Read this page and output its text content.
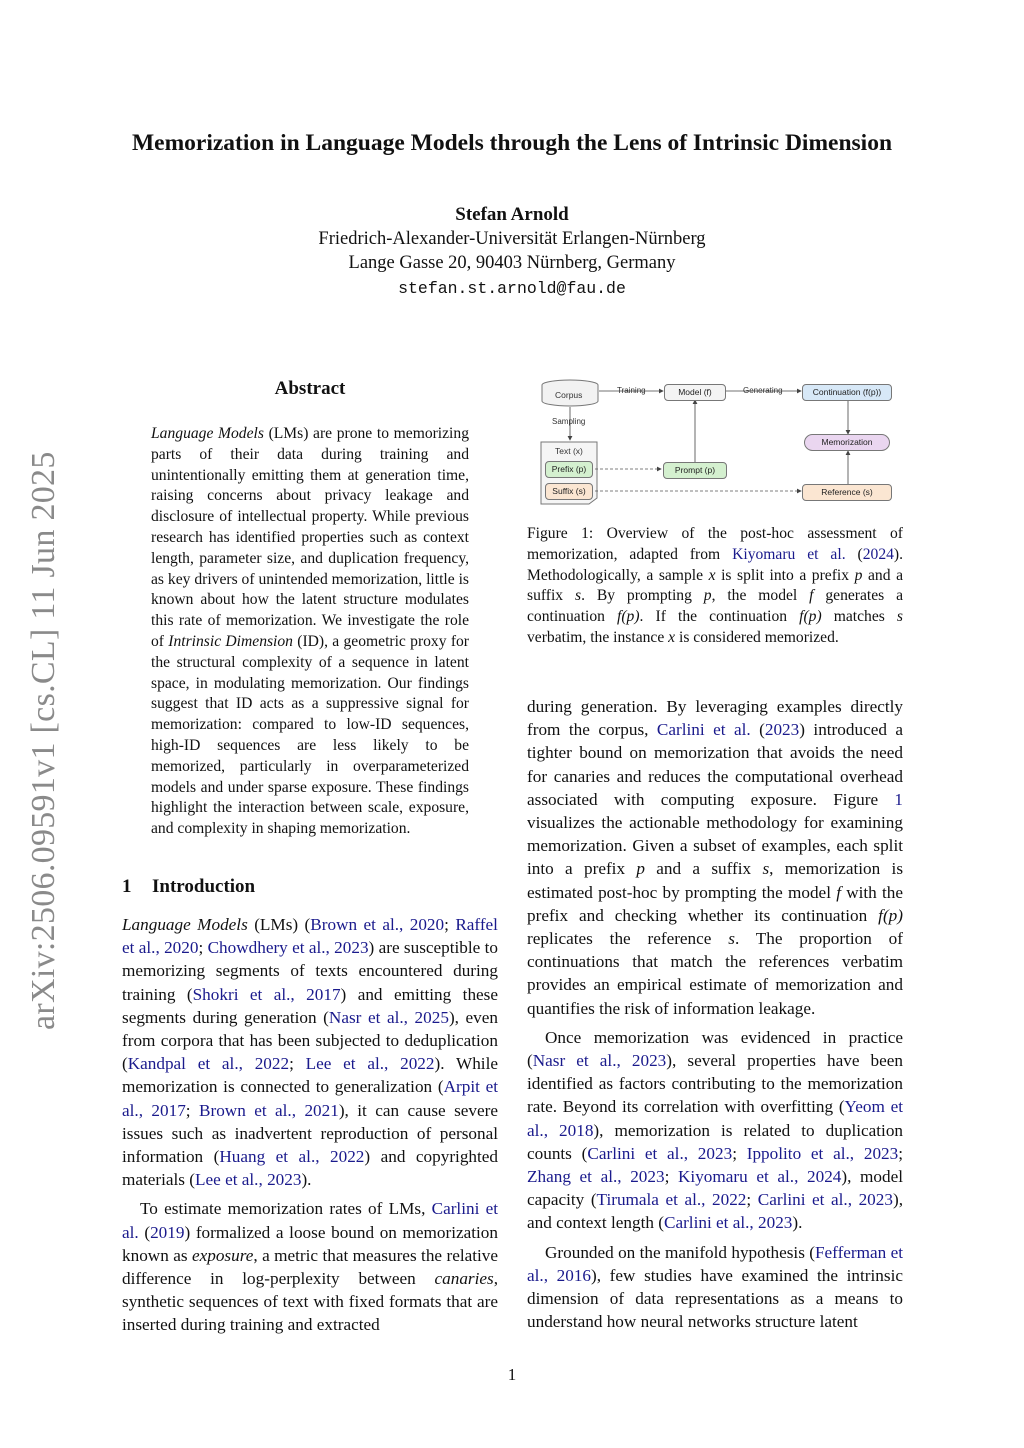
Memorization in Language Models through the Lens of Intrinsic Dimension
Stefan Arnold
Friedrich-Alexander-Universität Erlangen-Nürnberg
Lange Gasse 20, 90403 Nürnberg, Germany
stefan.st.arnold@fau.de
arXiv:2506.09591v1 [cs.CL] 11 Jun 2025
Abstract
Language Models (LMs) are prone to memorizing parts of their data during training and unintentionally emitting them at generation time, raising concerns about privacy leakage and disclosure of intellectual property. While previous research has identified properties such as context length, parameter size, and duplication frequency, as key drivers of unintended memorization, little is known about how the latent structure modulates this rate of memorization. We investigate the role of Intrinsic Dimension (ID), a geometric proxy for the structural complexity of a sequence in latent space, in modulating memorization. Our findings suggest that ID acts as a suppressive signal for memorization: compared to low-ID sequences, high-ID sequences are less likely to be memorized, particularly in overparameterized models and under sparse exposure. These findings highlight the interaction between scale, exposure, and complexity in shaping memorization.
1 Introduction

Language Models (LMs) (Brown et al., 2020; Raffel et al., 2020; Chowdhery et al., 2023) are susceptible to memorizing segments of texts encountered during training (Shokri et al., 2017) and emitting these segments during generation (Nasr et al., 2025), even from corpora that has been subjected to deduplication (Kandpal et al., 2022; Lee et al., 2022). While memorization is connected to generalization (Arpit et al., 2017; Brown et al., 2021), it can cause severe issues such as inadvertent reproduction of personal information (Huang et al., 2022) and copyrighted materials (Lee et al., 2023).

To estimate memorization rates of LMs, Carlini et al. (2019) formalized a loose bound on memorization known as exposure, a metric that measures the relative difference in log-perplexity between canaries, synthetic sequences of text with fixed formats that are inserted during training and extracted

Corpus	Training	Model (f)	Generating	Continuation (f(p))
Sampling
Text (x)
Prefix (p)
Suffix (s)
Prompt (p)
Memorization
Reference (s)
Figure 1: Overview of the post-hoc assessment of memorization, adapted from Kiyomaru et al. (2024). Methodologically, a sample x is split into a prefix p and a suffix s. By prompting p, the model f generates a continuation f(p). If the continuation f(p) matches s verbatim, the instance x is considered memorized.

during generation. By leveraging examples directly from the corpus, Carlini et al. (2023) introduced a tighter bound on memorization that avoids the need for canaries and reduces the computational overhead associated with computing exposure. Figure 1 visualizes the actionable methodology for examining memorization. Given a subset of examples, each split into a prefix p and a suffix s, memorization is estimated post-hoc by prompting the model f with the prefix and checking whether its continuation f(p) replicates the reference s. The proportion of continuations that match the references verbatim provides an empirical estimate of memorization and quantifies the risk of information leakage.

Once memorization was evidenced in practice (Nasr et al., 2023), several properties have been identified as factors contributing to the memorization rate. Beyond its correlation with overfitting (Yeom et al., 2018), memorization is related to duplication counts (Carlini et al., 2023; Ippolito et al., 2023; Zhang et al., 2023; Kiyomaru et al., 2024), model capacity (Tirumala et al., 2022; Carlini et al., 2023), and context length (Carlini et al., 2023).

Grounded on the manifold hypothesis (Fefferman et al., 2016), few studies have examined the intrinsic dimension of data representations as a means to understand how neural networks structure latent

1
